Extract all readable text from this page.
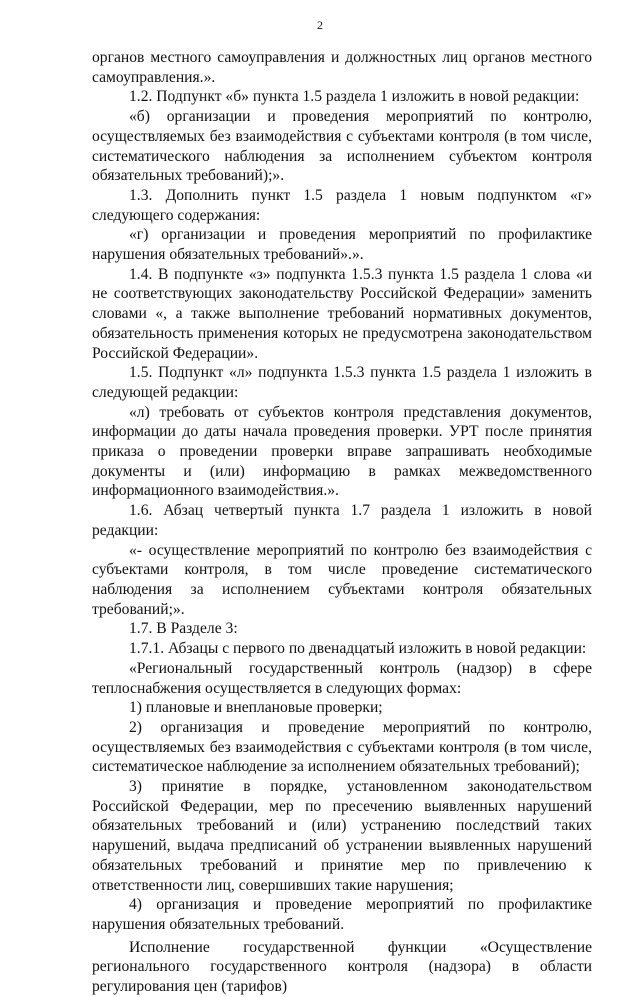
2

органов местного самоуправления и должностных лиц органов местного самоуправления.».

1.2. Подпункт «б» пункта 1.5 раздела 1 изложить в новой редакции:

«б) организации и проведения мероприятий по контролю, осуществляемых без взаимодействия с субъектами контроля (в том числе, систематического наблюдения за исполнением субъектом контроля обязательных требований);».

1.3. Дополнить пункт 1.5 раздела 1 новым подпунктом «г» следующего содержания:

«г) организации и проведения мероприятий по профилактике нарушения обязательных требований».».

1.4. В подпункте «з» подпункта 1.5.3 пункта 1.5 раздела 1 слова «и не соответствующих законодательству Российской Федерации» заменить словами «, а также выполнение требований нормативных документов, обязательность применения которых не предусмотрена законодательством Российской Федерации».

1.5. Подпункт «л» подпункта 1.5.3 пункта 1.5 раздела 1 изложить в следующей редакции:

«л) требовать от субъектов контроля представления документов, информации до даты начала проведения проверки. УРТ после принятия приказа о проведении проверки вправе запрашивать необходимые документы и (или) информацию в рамках межведомственного информационного взаимодействия.».

1.6. Абзац четвертый пункта 1.7 раздела 1 изложить в новой редакции:

«- осуществление мероприятий по контролю без взаимодействия с субъектами контроля, в том числе проведение систематического наблюдения за исполнением субъектами контроля обязательных требований;».

1.7. В Разделе 3:

1.7.1. Абзацы с первого по двенадцатый изложить в новой редакции:

«Региональный государственный контроль (надзор) в сфере теплоснабжения осуществляется в следующих формах:

1) плановые и внеплановые проверки;

2) организация и проведение мероприятий по контролю, осуществляемых без взаимодействия с субъектами контроля (в том числе, систематическое наблюдение за исполнением обязательных требований);

3) принятие в порядке, установленном законодательством Российской Федерации, мер по пресечению выявленных нарушений обязательных требований и (или) устранению последствий таких нарушений, выдача предписаний об устранении выявленных нарушений обязательных требований и принятие мер по привлечению к ответственности лиц, совершивших такие нарушения;

4) организация и проведение мероприятий по профилактике нарушения обязательных требований.

Исполнение государственной функции «Осуществление регионального государственного контроля (надзора) в области регулирования цен (тарифов)
